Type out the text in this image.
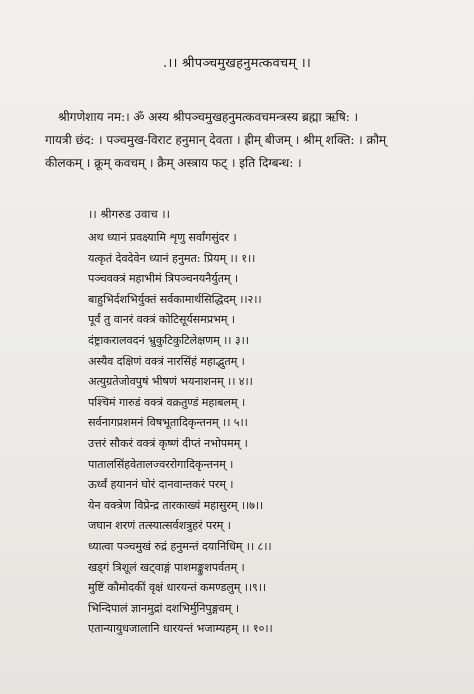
.।। श्रीपञ्चमुखहनुमत्कवचम् ।।
श्रीगणेशाय नम:। ॐ अस्य श्रीपञ्चमुखहनुमत्कवचमन्त्रस्य ब्रह्मा ऋषि: ।
गायत्री छंद: । पञ्चमुख-विराट हनुमान् देवता । ह्रीम् बीजम् । श्रीम् शक्ति: । क्रौम्
कीलकम् । क्रूम् कवचम् । क्रैम् अस्त्राय फट् । इति दिग्बन्ध: ।
।। श्रीगरुड उवाच ।।
अथ ध्यानं प्रवक्ष्यामि शृणु सर्वांगसुंदर ।
यत्कृतं देवदेवेन ध्यानं हनुमत: प्रियम् ।। १।।
पञ्चवक्त्रं महाभीमं त्रिपञ्चनयनैर्युतम् ।
बाहुभिर्दशभिर्युक्तं सर्वकामार्थसिद्धिदम् ।।२।।
पूर्वं तु वानरं वक्त्रं कोटिसूर्यसमप्रभम् ।
दंष्ट्राकरालवदनं भ्रुकुटिकुटिलेक्षणम् ।। ३।।
अस्यैव दक्षिणं वक्त्रं नारसिंहं महाद्भुतम् ।
अत्युग्रतेजोवपुषं भीषणं भयनाशनम् ।। ४।।
पश्चिमं गारुडं वक्त्रं वक्रतुण्डं महाबलम् ।
सर्वनागप्रशमनं विषभूतादिकृन्तनम् ।। ५।।
उत्तरं सौकरं वक्त्रं कृष्णं दीप्तं नभोपमम् ।
पातालसिंहवेतालज्वररोगादिकृन्तनम् ।
ऊर्ध्वं हयाननं घोरं दानवान्तकरं परम् ।
येन वक्त्रेण विप्रेन्द्र तारकाख्यं महासुरम् ।।७।।
जघान शरणं तत्स्यात्सर्वशत्रुहरं परम् ।
ध्यात्वा पञ्चमुखं रुद्रं हनुमन्तं दयानिधिम् ।। ८।।
खड्गं त्रिशूलं खट्वाङ्गं पाशमङ्कुशपर्वतम् ।
मुष्टिं कौमोदकीं वृक्षं धारयन्तं कमण्डलुम् ।।९।।
भिन्दिपालं ज्ञानमुद्रां दशभिर्मुनिपुङ्गवम् ।
एतान्यायुधजालानि धारयन्तं भजाम्यहम् ।। १०।।
